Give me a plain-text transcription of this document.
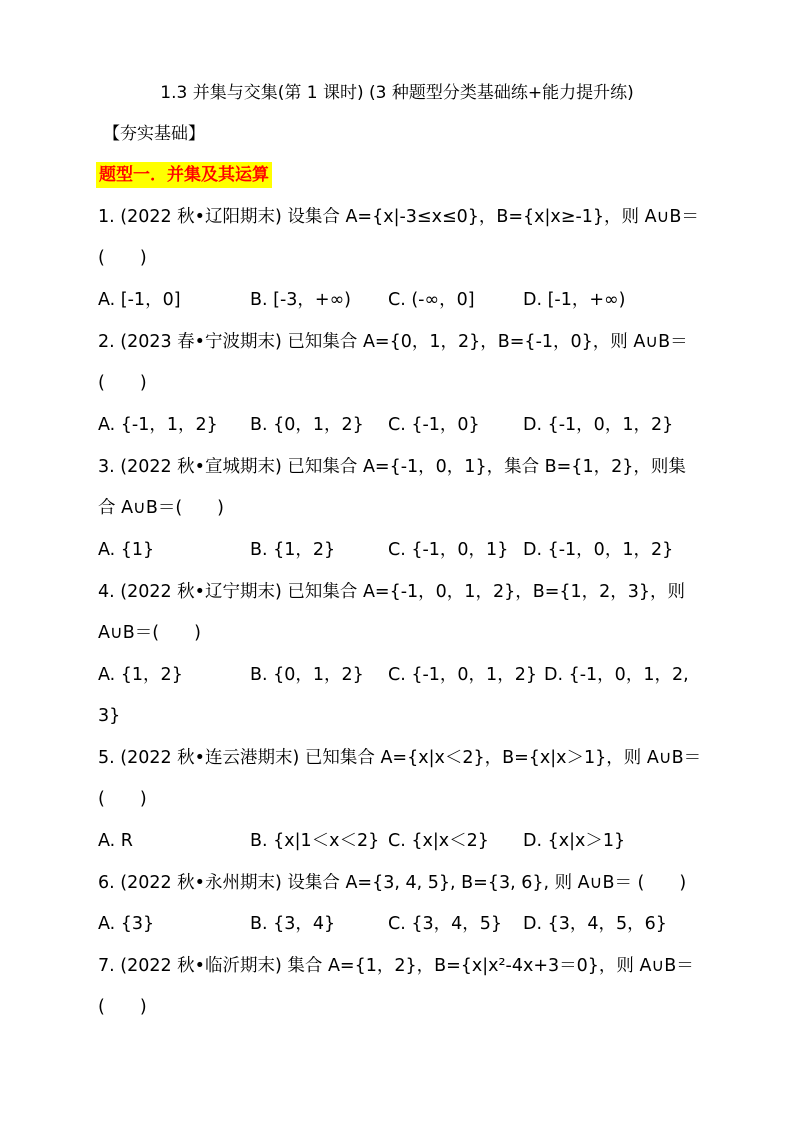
1.3 并集与交集(第 1 课时) (3 种题型分类基础练+能力提升练)
【夯实基础】
题型一．并集及其运算
1. (2022 秋•辽阳期末) 设集合 A={x|-3≤x≤0}，B={x|x≥-1}，则 A∪B＝
(　　)
A. [-1，0]	B. [-3，+∞) C. (-∞，0]	D. [-1，+∞)
2. (2023 春•宁波期末) 已知集合 A={0，1，2}，B={-1，0}，则 A∪B＝
(　　)
A. {-1，1，2} B. {0，1，2} C. {-1，0} D. {-1，0，1，2}
3. (2022 秋•宣城期末) 已知集合 A={-1，0，1}，集合 B={1，2}，则集
合 A∪B＝(　　)
A. {1}	B. {1，2}	C. {-1，0，1} D. {-1，0，1，2}
4. (2022 秋•辽宁期末) 已知集合 A={-1，0，1，2}，B={1，2，3}，则
A∪B＝(　　)
A. {1，2}	B. {0，1，2} C. {-1，0，1，2} D. {-1，0，1，2,
3}
5. (2022 秋•连云港期末) 已知集合 A={x|x＜2}，B={x|x＞1}，则 A∪B＝
(　　)
A. R	B. {x|1＜x＜2} C. {x|x＜2} D. {x|x＞1}
6. (2022 秋•永州期末) 设集合 A={3, 4, 5}, B={3, 6}, 则 A∪B＝ (　　)
A. {3}	B. {3，4}	C. {3，4，5} D. {3，4，5，6}
7. (2022 秋•临沂期末) 集合 A={1，2}，B={x|x²-4x+3＝0}，则 A∪B＝
(　　)
